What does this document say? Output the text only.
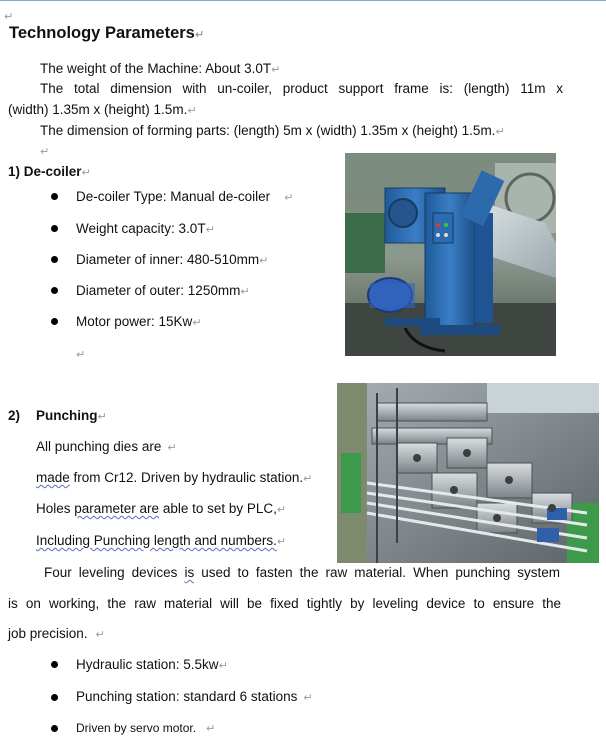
↵
Technology Parameters↵
The weight of the Machine: About 3.0T↵
The total dimension with un-coiler, product support frame is: (length) 11m x
(width) 1.35m x (height) 1.5m.↵
The dimension of forming parts: (length) 5m x (width) 1.35m x (height) 1.5m.↵
↵
1) De-coiler↵
De-coiler Type: Manual de-coiler ↵
Weight capacity: 3.0T↵
Diameter of inner: 480-510mm↵
Diameter of outer: 1250mm↵
Motor power: 15Kw↵
↵
2) Punching↵
All punching dies are ↵
made from Cr12. Driven by hydraulic station.↵
Holes parameter are able to set by PLC,↵
Including Punching length and numbers.↵
Four leveling devices is used to fasten the raw material. When punching system
is on working, the raw material will be fixed tightly by leveling device to ensure the
job precision. ↵
Hydraulic station: 5.5kw↵
Punching station: standard 6 stations ↵
Driven by servo motor. ↵
